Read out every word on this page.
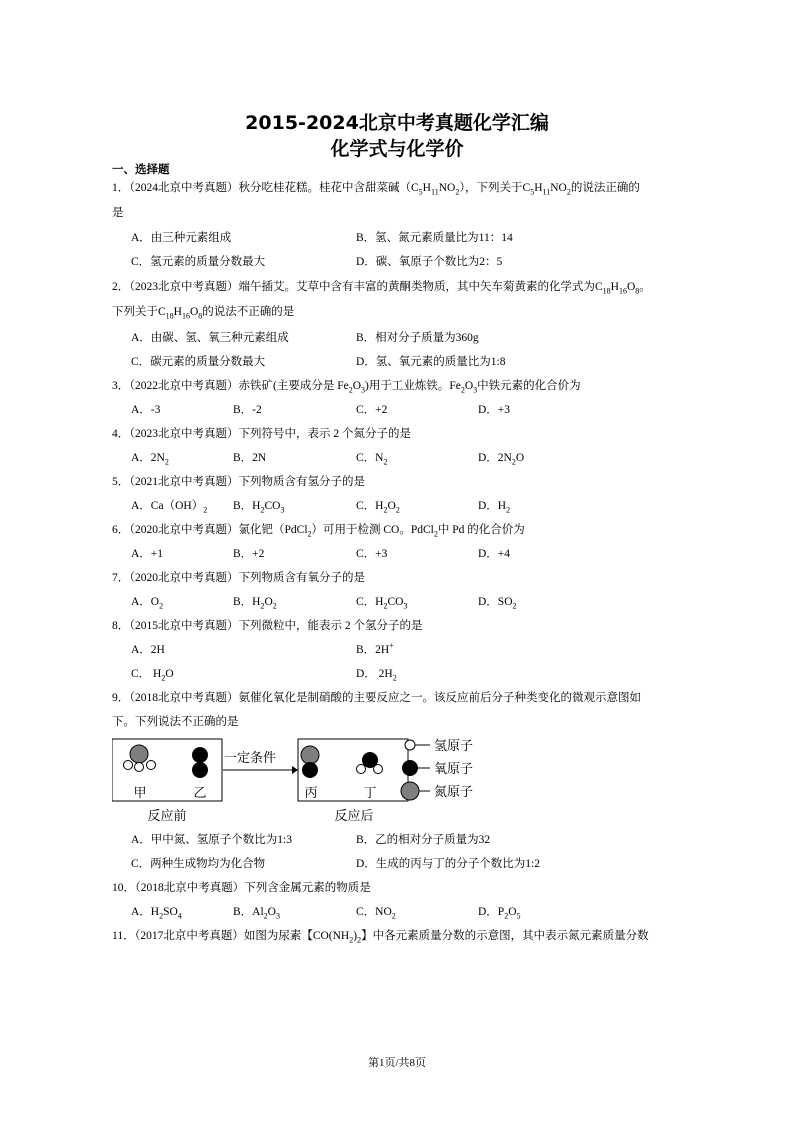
2015-2024北京中考真题化学汇编
化学式与化学价
一、选择题
1．（2024北京中考真题）秋分吃桂花糕。桂花中含甜菜碱$(C_5H_{11}NO_2)$，下列关于$C_5H_{11}NO_2$的说法正确的
是
A．由三种元素组成	B．氢、氮元素质量比为11：14
C．氢元素的质量分数最大	D．碳、氧原子个数比为2：5
2．（2023北京中考真题）端午插艾。艾草中含有丰富的黄酮类物质，其中矢车菊黄素的化学式为$C_{18}H_{16}O_8$。
下列关于$C_{18}H_{16}O_8$的说法不正确的是
A．由碳、氢、氧三种元素组成	B．相对分子质量为360g
C．碳元素的质量分数最大	D．氢、氧元素的质量比为1:8
3．（2022北京中考真题）赤铁矿(主要成分是 $Fe_2O_3$)用于工业炼铁。$Fe_2O_3$中铁元素的化合价为
A．-3	B．-2	C．+2	D．+3
4．（2023北京中考真题）下列符号中，表示 2 个氮分子的是
A．$2N_2$	B．2N	C．$N_2$	D．$2N_2O$
5．（2021北京中考真题）下列物质含有氢分子的是
A．$Ca(OH)_2$ B．$H_2CO_3$	C．$H_2O_2$	D．$H_2$
6．（2020北京中考真题）氯化钯（PdCl$_2$）可用于检测 CO。PdCl$_2$中 Pd 的化合价为
A．+1	B．+2	C．+3	D．+4
7．（2020北京中考真题）下列物质含有氧分子的是
A．$O_2$	B．$H_2O_2$	C．$H_2CO_3$	D．$SO_2$
8．（2015北京中考真题）下列微粒中，能表示 2 个氢分子的是
A．2H	B．2H+
C． $H_2O$	D． $2H_2$
9．（2018北京中考真题）氨催化氧化是制硝酸的主要反应之一。该反应前后分子种类变化的微观示意图如
下。下列说法不正确的是
甲	乙
一定条件
丙	丁
反应前	反应后
氢原子
氧原子
氮原子
A．甲中氮、氢原子个数比为1:3	B．乙的相对分子质量为32
C．两种生成物均为化合物	D．生成的丙与丁的分子个数比为1:2
10．（2018北京中考真题）下列含金属元素的物质是
A．$H_2SO_4$	B．$Al_2O_3$	C．$NO_2$	D．$P_2O_5$
11．（2017北京中考真题）如图为尿素【$CO(NH_2)_2$】中各元素质量分数的示意图，其中表示氮元素质量分数
第1页/共8页
